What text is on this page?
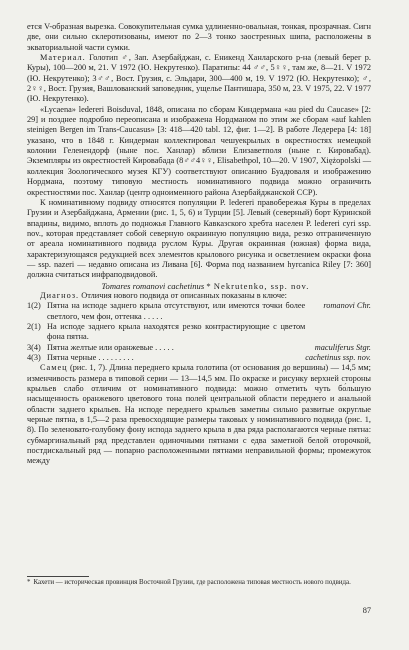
ется V-образная вырезка. Совокупительная сумка удлиненно-овальная, тонкая, прозрачная. Сигн две, они сильно склеротизованы, имеют по 2—3 тонко заостренных шипа, расположены в экваториальной части сумки.

Материал. Голотип ♂, Зап. Азербайджан, с. Еникенд Ханларского р-на (левый берег р. Куры), 100—200 м, 21. V 1972 (Ю. Некрутенко). Паратипы: 44 ♂♂, 5♀♀, там же, 8—21. V 1972 (Ю. Некрутенко); 3♂♂, Вост. Грузия, с. Эльдари, 300—400 м, 19. V 1972 (Ю. Некрутенко); ♂, 2♀♀, Вост. Грузия, Вашлованский заповедник, ущелье Пантишара, 350 м, 23. V 1975, 22. V 1977 (Ю. Некрутенко).

«Lycaena» lederеri Boisduval, 1848, описана по сборам Киндермана «au pied du Caucase» [2: 29] и позднее подробно переописана и изображена Нордманом по этим же сборам «auf kahlen steinigen Bergen im Trans-Caucasus» [3: 418—420 tabl. 12, фиг. 1—2]. В работе Ледерера [4: 18] указано, что в 1848 г. Киндерман коллектировал чешуекрылых в окрестностях немецкой колонии Геленендорф (ныне пос. Ханлар) вблизи Елизаветполя (ныне г. Кировабад). Экземпляры из окрестностей Кировабада (8♂♂4♀♀, Elisabethpol, 10—20. V 1907, Xiężopolski — коллекция Зоологического музея КГУ) соответствуют описанию Буадюваля и изображению Нордмана, поэтому типовую местность номинативного подвида можно ограничить окрестностями пос. Ханлар (центр одноименного района Азербайджанской ССР).

К номинативному подвиду относятся популяции P. lederеri правобережья Куры в пределах Грузии и Азербайджана, Армении (рис. 1, 5, 6) и Турции [5]. Левый (северный) борт Куринской впадины, видимо, вплоть до подножья Главного Кавказского хребта населен P. lederеri cyri ssp. nov., которая представляет собой северную окраинную популяцию вида, резко отграниченную от ареала номинативного подвида руслом Куры. Другая окраинная (южная) форма вида, характеризующаяся редукцией всех элементов крылового рисунка и осветлением окраски фона — ssp. nazeri — недавно описана из Ливана [6]. Форма под названием hyrcanica Riley [7: 360] должна считаться инфраподвидовой.

Tomares romanovi cachetinus * Nekrutenko, ssp. nov.

Диагноз. Отличия нового подвида от описанных показаны в ключе:

1(2)	Пятна на исподе заднего крыла отсутствуют, или имеются точки более светлого, чем фон, оттенка . . . . .	romanovi Chr.
2(1)	На исподе заднего крыла находятся резко контрастирующие с цветом фона пятна.	
3(4)	Пятна желтые или оранжевые . . . . .	maculiferus Stgr.
4(3)	Пятна черные . . . . . . . . .	cachetinus ssp. nov.

Самец (рис. 1, 7). Длина переднего крыла голотипа (от основания до вершины) — 14,5 мм; изменчивость размера в типовой серии — 13—14,5 мм. По окраске и рисунку верхней стороны крыльев слабо отличим от номинативного подвида: можно отметить чуть бо́льшую насыщенность оранжевого цветового тона полей центральной области переднего и анальной области заднего крыльев. На исподе переднего крыльев заметны сильно развитые округлые черные пятна, в 1,5—2 раза превосходящие размеры таковых у номинативного подвида (рис. 1, 8). По зеленовато-голубому фону испода заднего крыла в два ряда располагаются черные пятна: субмаргинальный ряд представлен одиночными пятнами с едва заметной белой оторочкой, постдискальный ряд — попарно расположенными пятнами неправильной формы; промежуток между

* Кахети — историческая провинция Восточной Грузии, где расположена типовая местность нового подвида.
87
